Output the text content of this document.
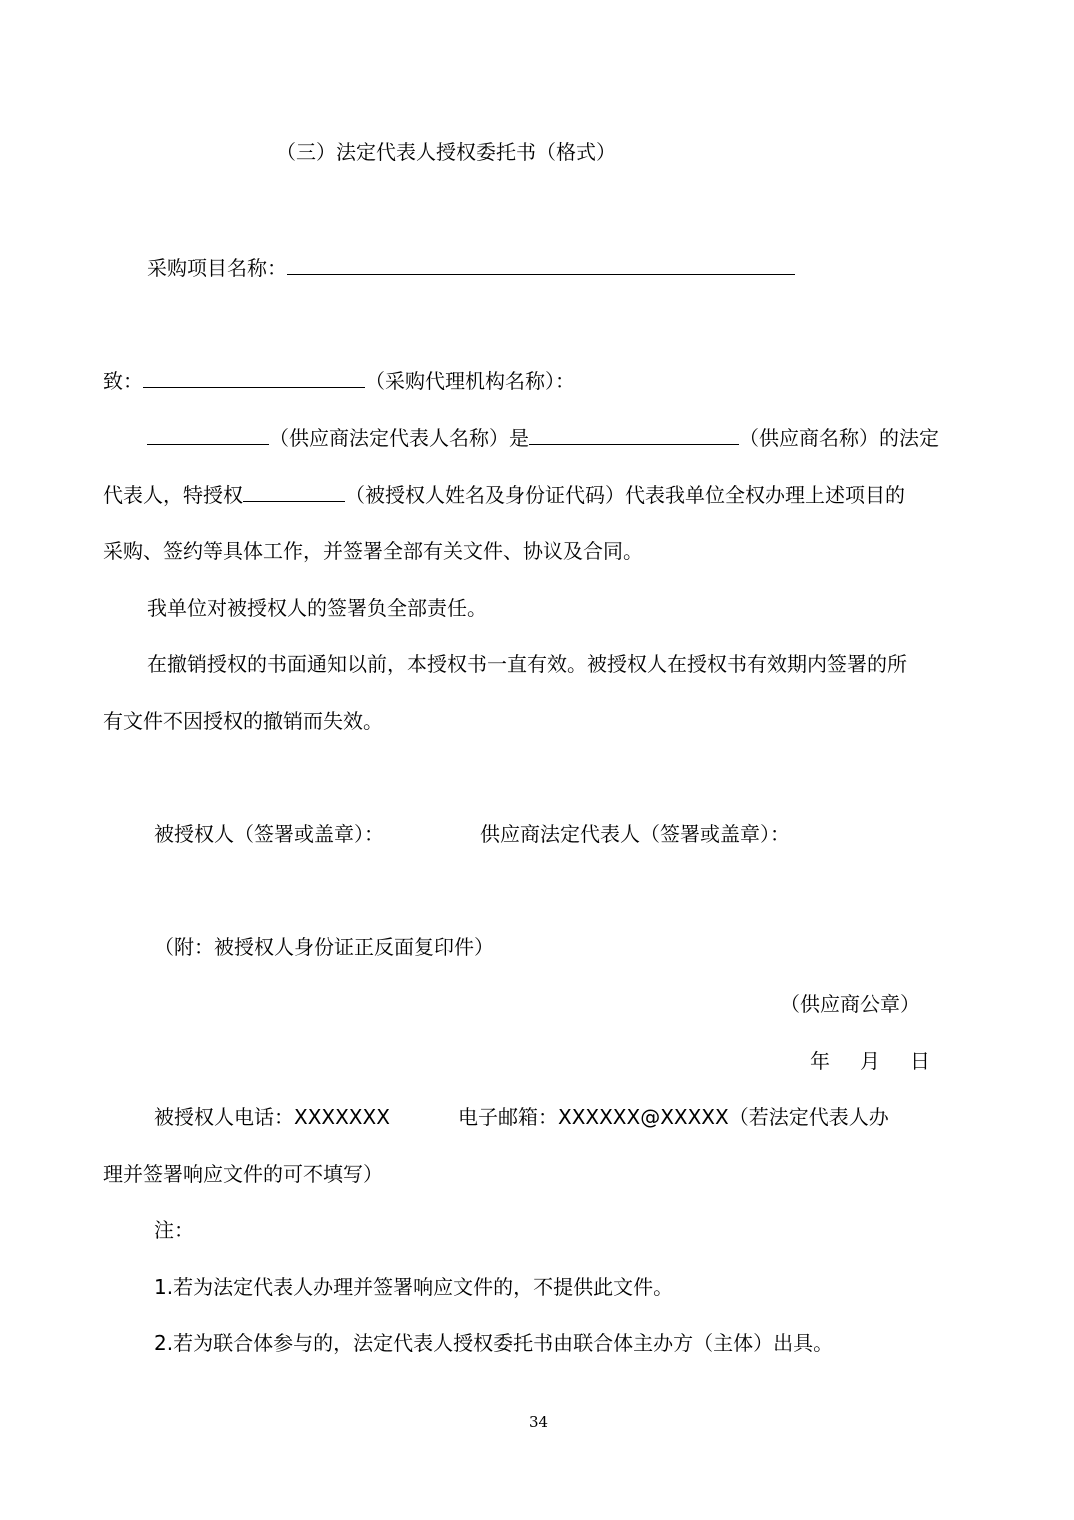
（三）法定代表人授权委托书（格式）
采购项目名称：
致：	（采购代理机构名称）：
（供应商法定代表人名称）是	（供应商名称）的法定
代表人，特授权	（被授权人姓名及身份证代码）代表我单位全权办理上述项目的
采购、签约等具体工作，并签署全部有关文件、协议及合同。
我单位对被授权人的签署负全部责任。
在撤销授权的书面通知以前，本授权书一直有效。被授权人在授权书有效期内签署的所
有文件不因授权的撤销而失效。
被授权人（签署或盖章）：	供应商法定代表人（签署或盖章）：
（附：被授权人身份证正反面复印件）
（供应商公章）
年 月 日
被授权人电话：XXXXXXX	电子邮箱：XXXXXX@XXXXX（若法定代表人办
理并签署响应文件的可不填写）
注：
1.若为法定代表人办理并签署响应文件的，不提供此文件。
2.若为联合体参与的，法定代表人授权委托书由联合体主办方（主体）出具。
34
